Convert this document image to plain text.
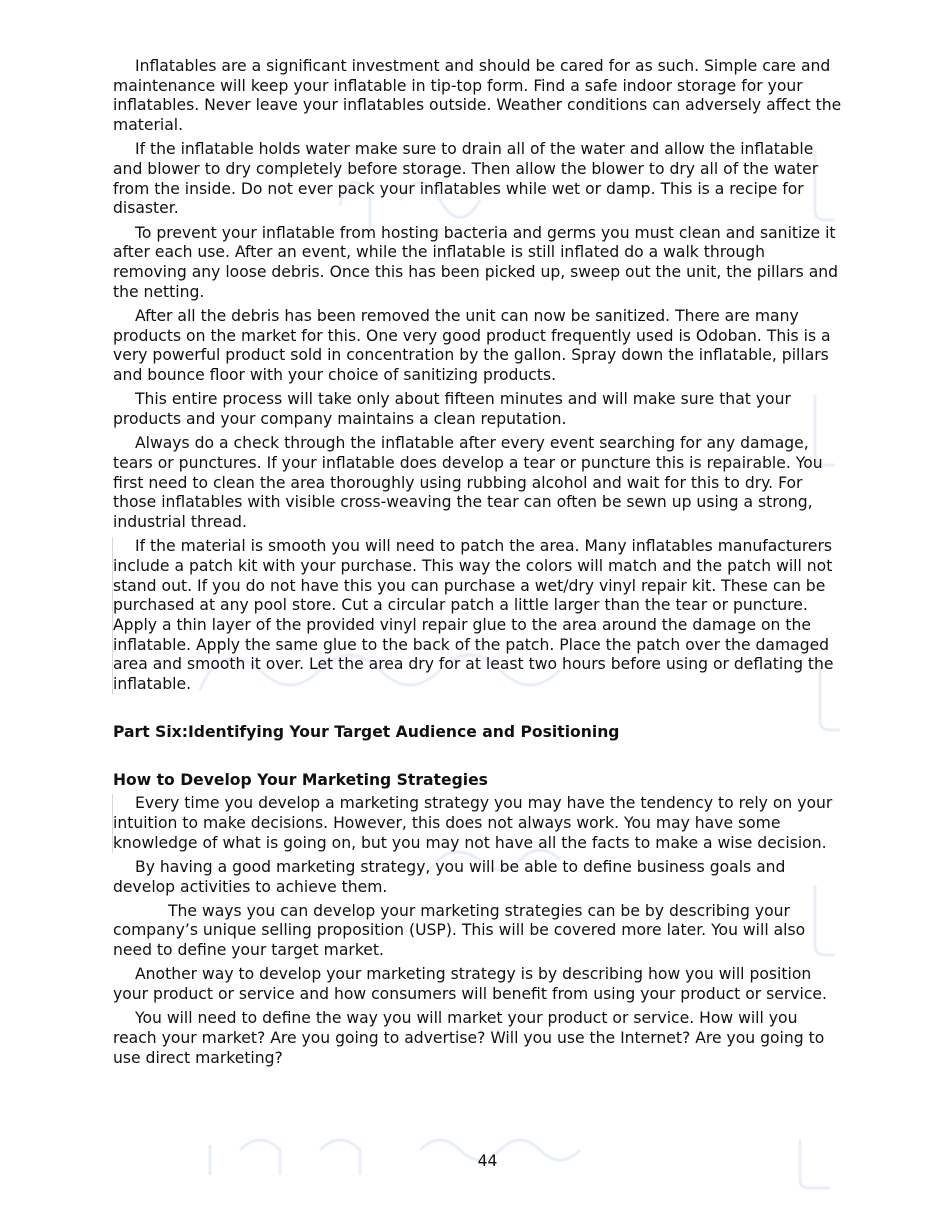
Inflatables are a significant investment and should be cared for as such. Simple care and maintenance will keep your inflatable in tip-top form. Find a safe indoor storage for your inflatables. Never leave your inflatables outside. Weather conditions can adversely affect the material.

If the inflatable holds water make sure to drain all of the water and allow the inflatable and blower to dry completely before storage. Then allow the blower to dry all of the water from the inside. Do not ever pack your inflatables while wet or damp. This is a recipe for disaster.

To prevent your inflatable from hosting bacteria and germs you must clean and sanitize it after each use. After an event, while the inflatable is still inflated do a walk through removing any loose debris. Once this has been picked up, sweep out the unit, the pillars and the netting.

After all the debris has been removed the unit can now be sanitized. There are many products on the market for this. One very good product frequently used is Odoban. This is a very powerful product sold in concentration by the gallon. Spray down the inflatable, pillars and bounce floor with your choice of sanitizing products.

This entire process will take only about fifteen minutes and will make sure that your products and your company maintains a clean reputation.

Always do a check through the inflatable after every event searching for any damage, tears or punctures. If your inflatable does develop a tear or puncture this is repairable. You first need to clean the area thoroughly using rubbing alcohol and wait for this to dry. For those inflatables with visible cross-weaving the tear can often be sewn up using a strong, industrial thread.

If the material is smooth you will need to patch the area. Many inflatables manufacturers include a patch kit with your purchase. This way the colors will match and the patch will not stand out. If you do not have this you can purchase a wet/dry vinyl repair kit. These can be purchased at any pool store. Cut a circular patch a little larger than the tear or puncture. Apply a thin layer of the provided vinyl repair glue to the area around the damage on the inflatable. Apply the same glue to the back of the patch. Place the patch over the damaged area and smooth it over. Let the area dry for at least two hours before using or deflating the inflatable.

Part Six:Identifying Your Target Audience and Positioning
How to Develop Your Marketing Strategies

Every time you develop a marketing strategy you may have the tendency to rely on your intuition to make decisions. However, this does not always work. You may have some knowledge of what is going on, but you may not have all the facts to make a wise decision.

By having a good marketing strategy, you will be able to define business goals and develop activities to achieve them.

The ways you can develop your marketing strategies can be by describing your company’s unique selling proposition (USP). This will be covered more later. You will also need to define your target market.

Another way to develop your marketing strategy is by describing how you will position your product or service and how consumers will benefit from using your product or service.

You will need to define the way you will market your product or service. How will you reach your market? Are you going to advertise? Will you use the Internet? Are you going to use direct marketing?

44
